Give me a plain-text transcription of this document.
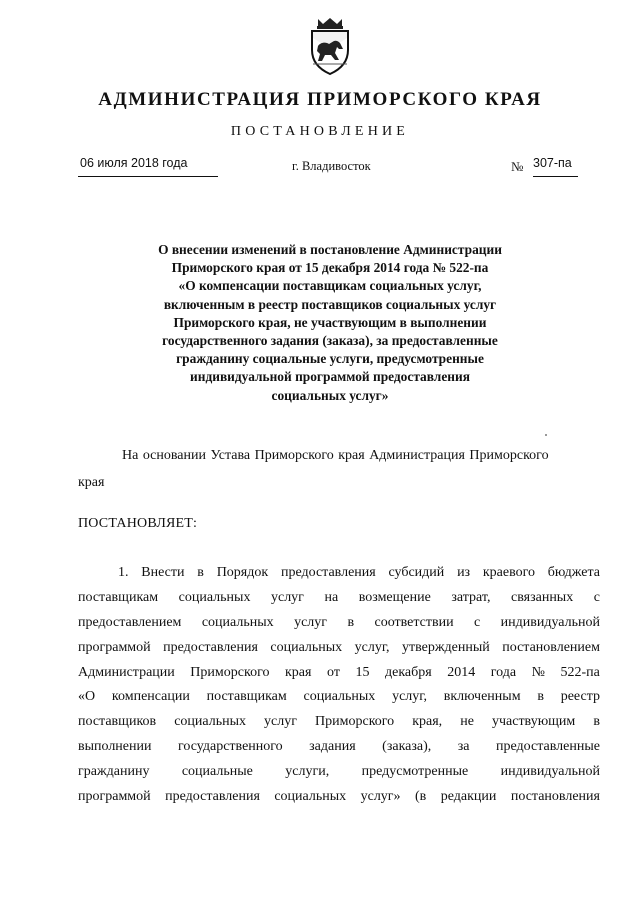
АДМИНИСТРАЦИЯ ПРИМОРСКОГО КРАЯ
ПОСТАНОВЛЕНИЕ
06 июля 2018 года	г. Владивосток	№ 307-па
О внесении изменений в постановление Администрации
Приморского края от 15 декабря 2014 года № 522-па
«О компенсации поставщикам социальных услуг,
включенным в реестр поставщиков социальных услуг
Приморского края, не участвующим в выполнении
государственного задания (заказа), за предоставленные
гражданину социальные услуги, предусмотренные
индивидуальной программой предоставления
социальных услуг»
На основании Устава Приморского края Администрация Приморского
края
ПОСТАНОВЛЯЕТ:
1. Внести в Порядок предоставления субсидий из краевого бюджета
поставщикам социальных услуг на возмещение затрат, связанных с
предоставлением социальных услуг в соответствии с индивидуальной
программой предоставления социальных услуг, утвержденный постановлением
Администрации Приморского края от 15 декабря 2014 года № 522-па
«О компенсации поставщикам социальных услуг, включенным в реестр
поставщиков социальных услуг Приморского края, не участвующим в
выполнении государственного задания (заказа), за предоставленные
гражданину социальные услуги, предусмотренные индивидуальной
программой предоставления социальных услуг» (в редакции постановления
